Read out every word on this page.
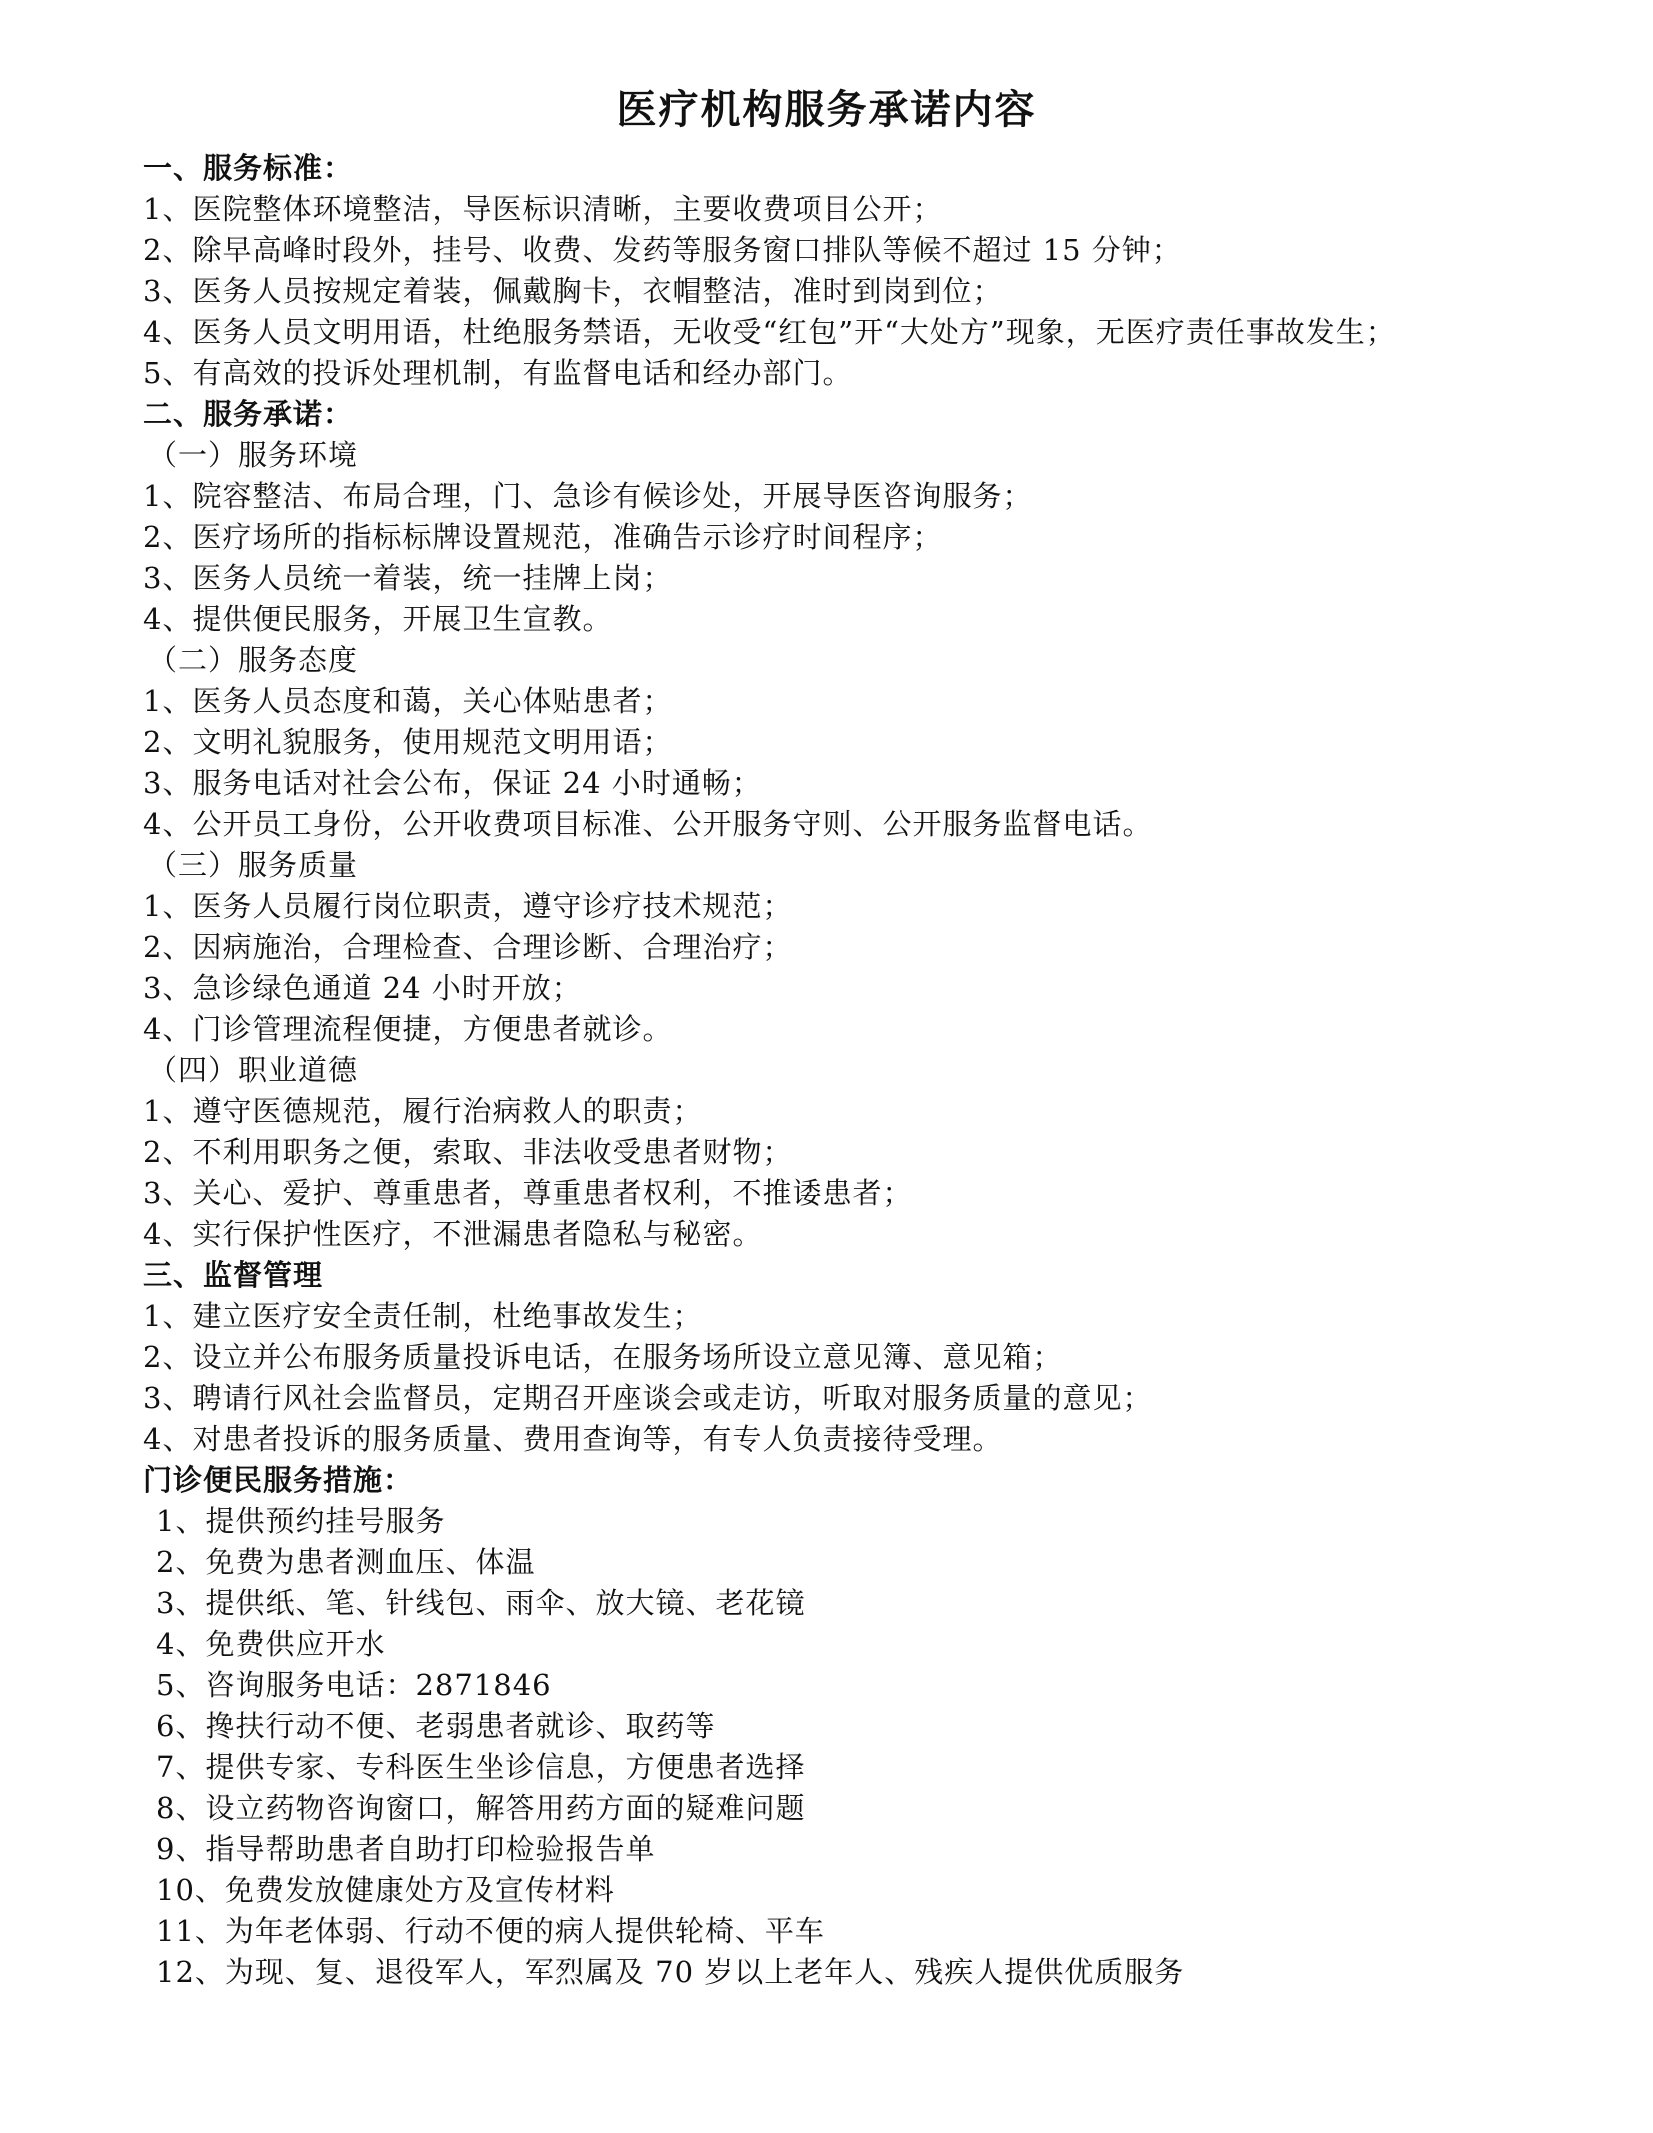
医疗机构服务承诺内容
一、服务标准：
1、医院整体环境整洁，导医标识清晰，主要收费项目公开；
2、除早高峰时段外，挂号、收费、发药等服务窗口排队等候不超过 15 分钟；
3、医务人员按规定着装，佩戴胸卡，衣帽整洁，准时到岗到位；
4、医务人员文明用语，杜绝服务禁语，无收受“红包”开“大处方”现象，无医疗责任事故发生；
5、有高效的投诉处理机制，有监督电话和经办部门。
二、服务承诺：
（一）服务环境
1、院容整洁、布局合理，门、急诊有候诊处，开展导医咨询服务；
2、医疗场所的指标标牌设置规范，准确告示诊疗时间程序；
3、医务人员统一着装，统一挂牌上岗；
4、提供便民服务，开展卫生宣教。
（二）服务态度
1、医务人员态度和蔼，关心体贴患者；
2、文明礼貌服务，使用规范文明用语；
3、服务电话对社会公布，保证 24 小时通畅；
4、公开员工身份，公开收费项目标准、公开服务守则、公开服务监督电话。
（三）服务质量
1、医务人员履行岗位职责，遵守诊疗技术规范；
2、因病施治，合理检查、合理诊断、合理治疗；
3、急诊绿色通道 24 小时开放；
4、门诊管理流程便捷，方便患者就诊。
（四）职业道德
1、遵守医德规范，履行治病救人的职责；
2、不利用职务之便，索取、非法收受患者财物；
3、关心、爱护、尊重患者，尊重患者权利，不推诿患者；
4、实行保护性医疗，不泄漏患者隐私与秘密。
三、监督管理
1、建立医疗安全责任制，杜绝事故发生；
2、设立并公布服务质量投诉电话，在服务场所设立意见簿、意见箱；
3、聘请行风社会监督员，定期召开座谈会或走访，听取对服务质量的意见；
4、对患者投诉的服务质量、费用查询等，有专人负责接待受理。
门诊便民服务措施：
1、提供预约挂号服务
2、免费为患者测血压、体温
3、提供纸、笔、针线包、雨伞、放大镜、老花镜
4、免费供应开水
5、咨询服务电话：2871846
6、搀扶行动不便、老弱患者就诊、取药等
7、提供专家、专科医生坐诊信息，方便患者选择
8、设立药物咨询窗口，解答用药方面的疑难问题
9、指导帮助患者自助打印检验报告单
10、免费发放健康处方及宣传材料
11、为年老体弱、行动不便的病人提供轮椅、平车
12、为现、复、退役军人，军烈属及 70 岁以上老年人、残疾人提供优质服务
